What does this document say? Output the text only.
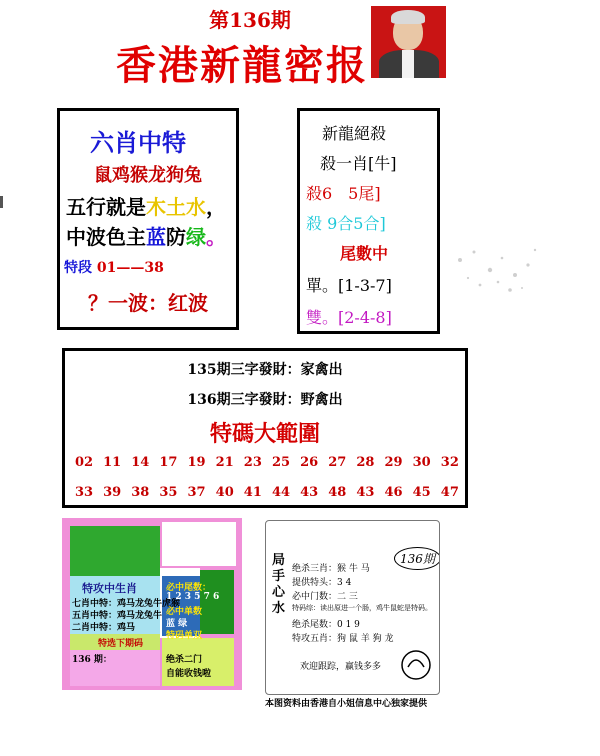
第136期
香港新龍密报
六肖中特
鼠鸡猴龙狗兔
五行就是木土水，
中波色主蓝防绿。
特段 01——38
？一波：红波
新龍絕殺
殺一肖[牛]
殺6　5尾]
殺 9合5合]
尾數中
單。[1-3-7]
雙。[2-4-8]
135期三字發財：家禽出
136期三字發財：野禽出
特碼大範圍
02 11 14 17 19 21 23 25 26 27 28 29 30 32
33 39 38 35 37 40 41 44 43 48 43 46 45 47
特攻中生肖
七肖中特：鸡马龙兔牛虎猴
五肖中特：鸡马龙兔牛
二肖中特：鸡马
必中尾数：
1 2 3 5 7 6
必中单数
蓝 绿
特码单双
特选下期码
136 期：	绝杀二门
自能收钱啦
局手心水
136期
绝杀三肖：猴 牛 马
提供特头：3 4
必中门数：二 三
特码综：读出原进一个肠，鸡牛鼠蛇是特码。
绝杀尾数：0 1 9
特攻五肖：狗 鼠 羊 狗 龙
欢迎跟踪，赢钱多多
本图资料由香港自小姐信息中心独家提供
